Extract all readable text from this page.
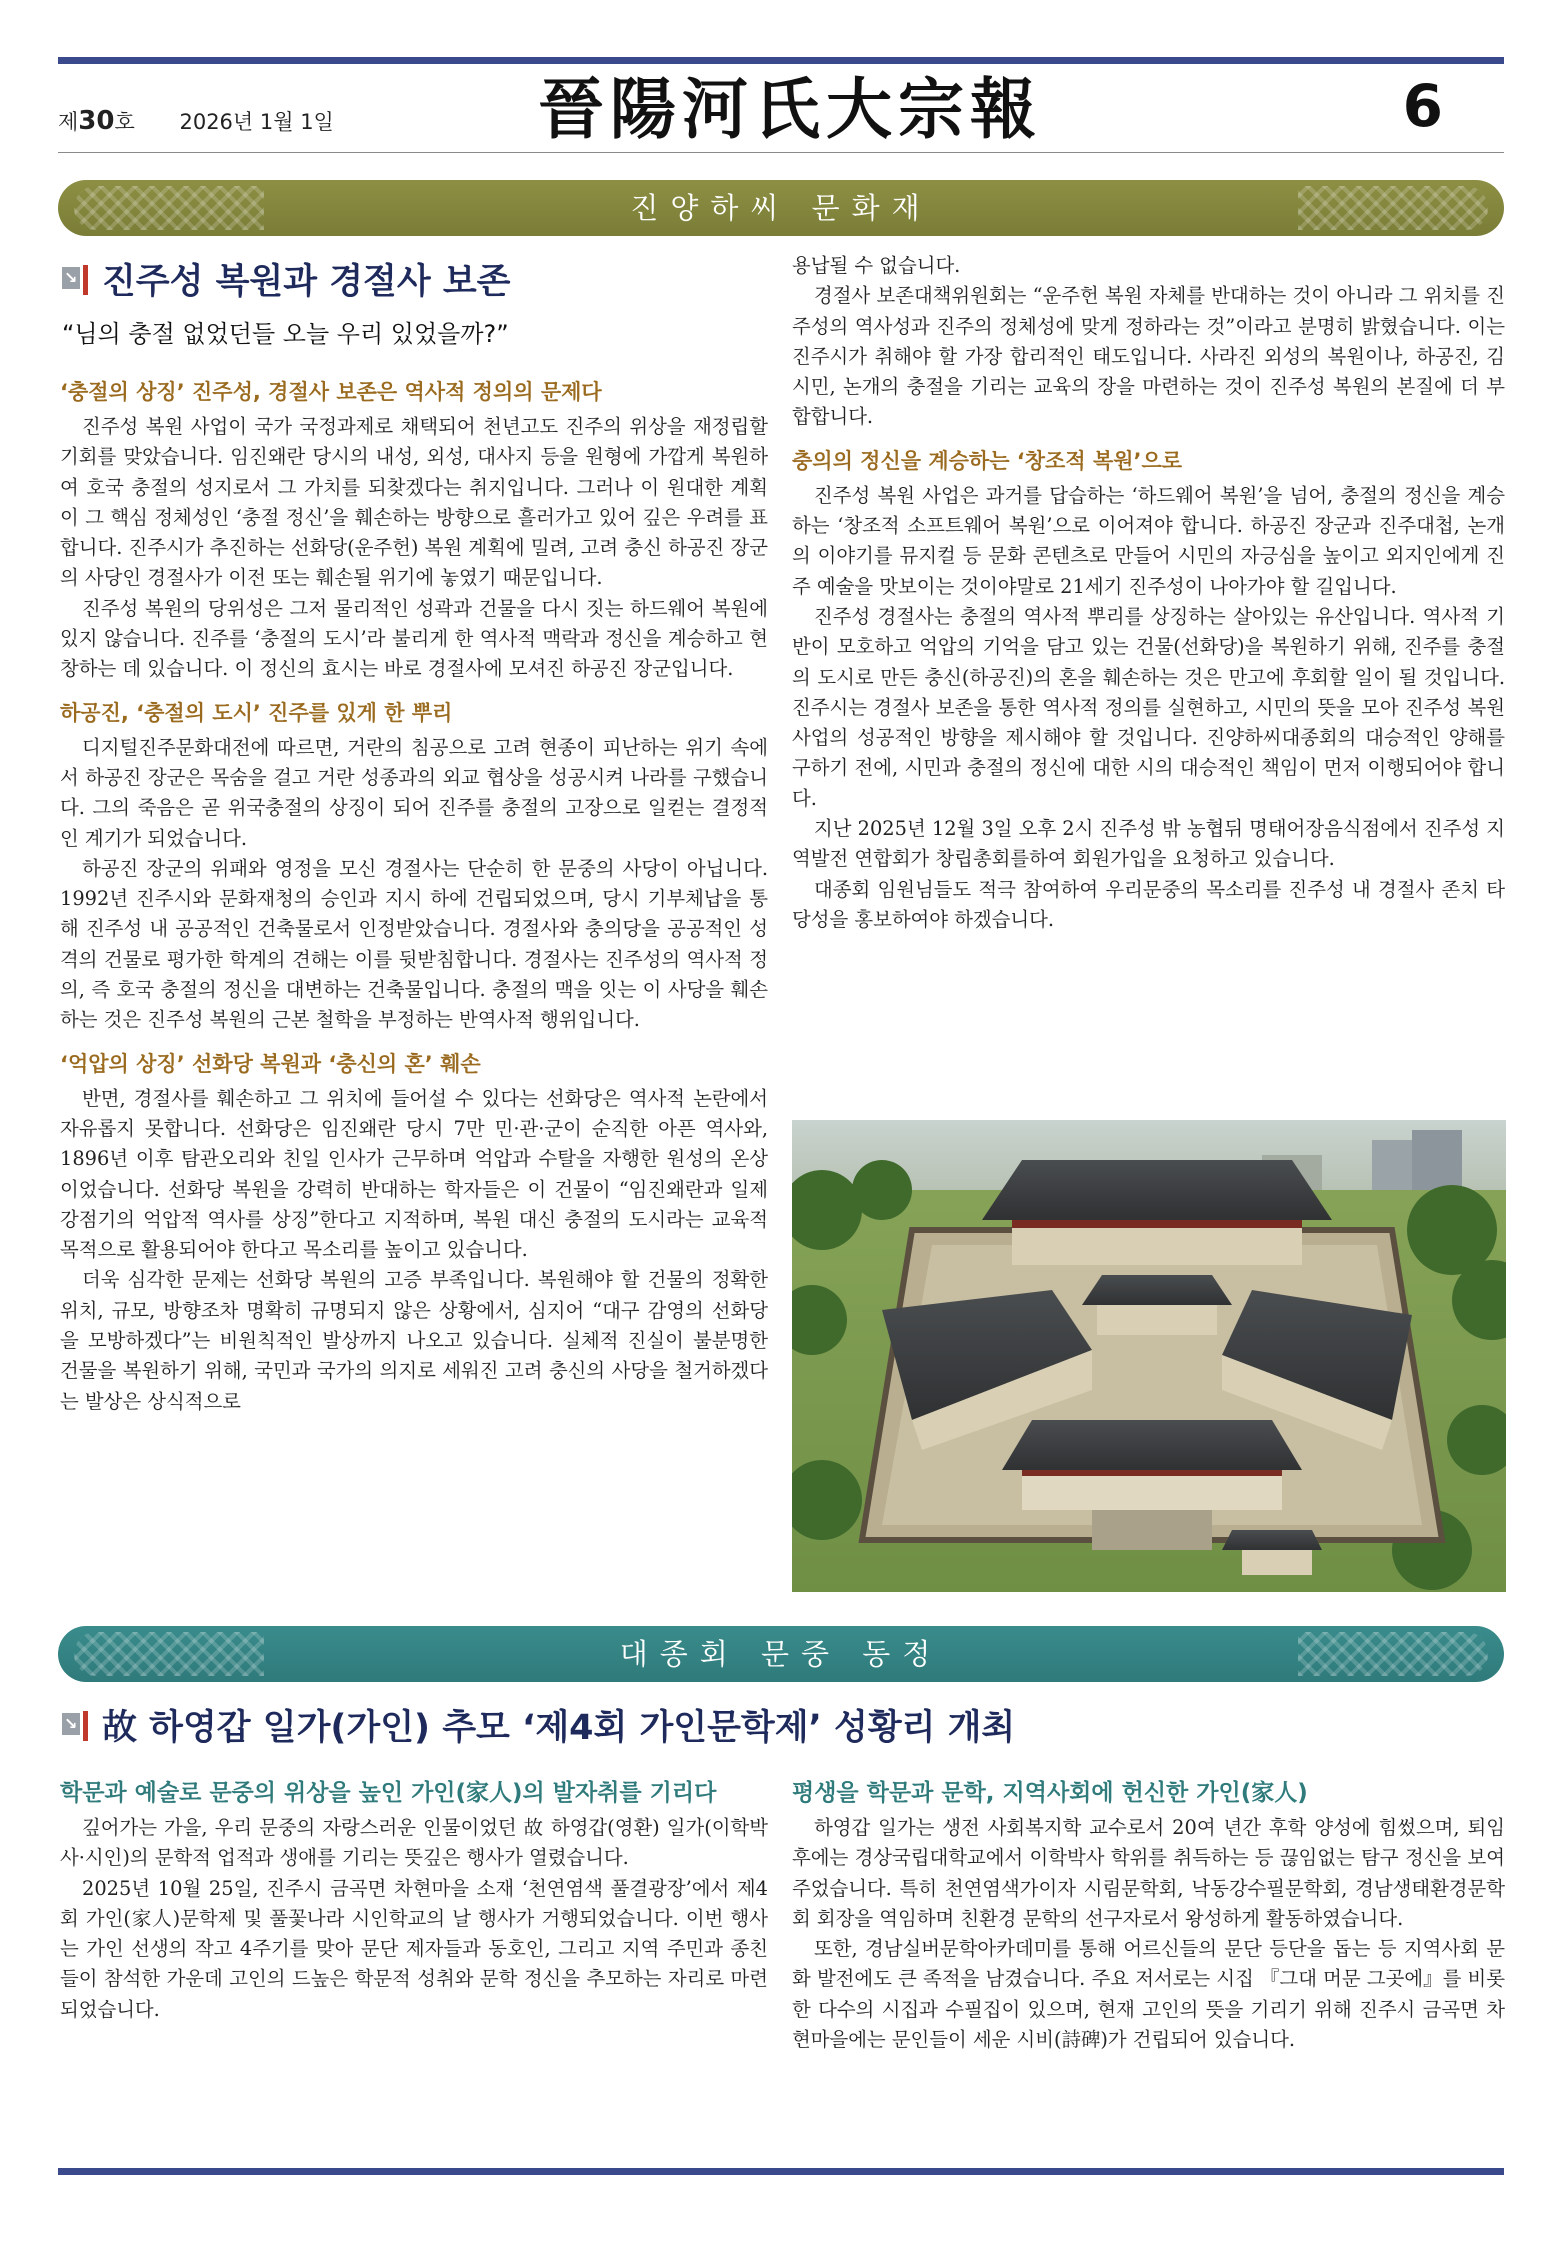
제30호 2026년 1월 1일	晉陽河氏大宗報	6
진양하씨 문화재
↘ 진주성 복원과 경절사 보존
“님의 충절 없었던들 오늘 우리 있었을까?”
‘충절의 상징’ 진주성, 경절사 보존은 역사적 정의의 문제다

진주성 복원 사업이 국가 국정과제로 채택되어 천년고도 진주의 위상을 재정립할 기회를 맞았습니다. 임진왜란 당시의 내성, 외성, 대사지 등을 원형에 가깝게 복원하여 호국 충절의 성지로서 그 가치를 되찾겠다는 취지입니다. 그러나 이 원대한 계획이 그 핵심 정체성인 ‘충절 정신’을 훼손하는 방향으로 흘러가고 있어 깊은 우려를 표합니다. 진주시가 추진하는 선화당(운주헌) 복원 계획에 밀려, 고려 충신 하공진 장군의 사당인 경절사가 이전 또는 훼손될 위기에 놓였기 때문입니다.

진주성 복원의 당위성은 그저 물리적인 성곽과 건물을 다시 짓는 하드웨어 복원에 있지 않습니다. 진주를 ‘충절의 도시’라 불리게 한 역사적 맥락과 정신을 계승하고 현창하는 데 있습니다. 이 정신의 효시는 바로 경절사에 모셔진 하공진 장군입니다.

하공진, ‘충절의 도시’ 진주를 있게 한 뿌리

디지털진주문화대전에 따르면, 거란의 침공으로 고려 현종이 피난하는 위기 속에서 하공진 장군은 목숨을 걸고 거란 성종과의 외교 협상을 성공시켜 나라를 구했습니다. 그의 죽음은 곧 위국충절의 상징이 되어 진주를 충절의 고장으로 일컫는 결정적인 계기가 되었습니다.

하공진 장군의 위패와 영정을 모신 경절사는 단순히 한 문중의 사당이 아닙니다. 1992년 진주시와 문화재청의 승인과 지시 하에 건립되었으며, 당시 기부체납을 통해 진주성 내 공공적인 건축물로서 인정받았습니다. 경절사와 충의당을 공공적인 성격의 건물로 평가한 학계의 견해는 이를 뒷받침합니다. 경절사는 진주성의 역사적 정의, 즉 호국 충절의 정신을 대변하는 건축물입니다. 충절의 맥을 잇는 이 사당을 훼손하는 것은 진주성 복원의 근본 철학을 부정하는 반역사적 행위입니다.

‘억압의 상징’ 선화당 복원과 ‘충신의 혼’ 훼손

반면, 경절사를 훼손하고 그 위치에 들어설 수 있다는 선화당은 역사적 논란에서 자유롭지 못합니다. 선화당은 임진왜란 당시 7만 민·관·군이 순직한 아픈 역사와, 1896년 이후 탐관오리와 친일 인사가 근무하며 억압과 수탈을 자행한 원성의 온상이었습니다. 선화당 복원을 강력히 반대하는 학자들은 이 건물이 “임진왜란과 일제강점기의 억압적 역사를 상징”한다고 지적하며, 복원 대신 충절의 도시라는 교육적 목적으로 활용되어야 한다고 목소리를 높이고 있습니다.

더욱 심각한 문제는 선화당 복원의 고증 부족입니다. 복원해야 할 건물의 정확한 위치, 규모, 방향조차 명확히 규명되지 않은 상황에서, 심지어 “대구 감영의 선화당을 모방하겠다”는 비원칙적인 발상까지 나오고 있습니다. 실체적 진실이 불분명한 건물을 복원하기 위해, 국민과 국가의 의지로 세워진 고려 충신의 사당을 철거하겠다는 발상은 상식적으로

용납될 수 없습니다.

경절사 보존대책위원회는 “운주헌 복원 자체를 반대하는 것이 아니라 그 위치를 진주성의 역사성과 진주의 정체성에 맞게 정하라는 것”이라고 분명히 밝혔습니다. 이는 진주시가 취해야 할 가장 합리적인 태도입니다. 사라진 외성의 복원이나, 하공진, 김시민, 논개의 충절을 기리는 교육의 장을 마련하는 것이 진주성 복원의 본질에 더 부합합니다.

충의의 정신을 계승하는 ‘창조적 복원’으로

진주성 복원 사업은 과거를 답습하는 ‘하드웨어 복원’을 넘어, 충절의 정신을 계승하는 ‘창조적 소프트웨어 복원’으로 이어져야 합니다. 하공진 장군과 진주대첩, 논개의 이야기를 뮤지컬 등 문화 콘텐츠로 만들어 시민의 자긍심을 높이고 외지인에게 진주 예술을 맛보이는 것이야말로 21세기 진주성이 나아가야 할 길입니다.

진주성 경절사는 충절의 역사적 뿌리를 상징하는 살아있는 유산입니다. 역사적 기반이 모호하고 억압의 기억을 담고 있는 건물(선화당)을 복원하기 위해, 진주를 충절의 도시로 만든 충신(하공진)의 혼을 훼손하는 것은 만고에 후회할 일이 될 것입니다. 진주시는 경절사 보존을 통한 역사적 정의를 실현하고, 시민의 뜻을 모아 진주성 복원 사업의 성공적인 방향을 제시해야 할 것입니다. 진양하씨대종회의 대승적인 양해를 구하기 전에, 시민과 충절의 정신에 대한 시의 대승적인 책임이 먼저 이행되어야 합니다.

지난 2025년 12월 3일 오후 2시 진주성 밖 농협뒤 명태어장음식점에서 진주성 지역발전 연합회가 창립총회를하여 회원가입을 요청하고 있습니다.

대종회 임원님들도 적극 참여하여 우리문중의 목소리를 진주성 내 경절사 존치 타당성을 홍보하여야 하겠습니다.

대종회 문중 동정
↘ 故 하영갑 일가(가인) 추모 ‘제4회 가인문학제’ 성황리 개최
학문과 예술로 문중의 위상을 높인 가인(家人)의 발자취를 기리다

깊어가는 가을, 우리 문중의 자랑스러운 인물이었던 故 하영갑(영환) 일가(이학박사·시인)의 문학적 업적과 생애를 기리는 뜻깊은 행사가 열렸습니다.

2025년 10월 25일, 진주시 금곡면 차현마을 소재 ‘천연염색 풀결광장’에서 제4회 가인(家人)문학제 및 풀꽃나라 시인학교의 날 행사가 거행되었습니다. 이번 행사는 가인 선생의 작고 4주기를 맞아 문단 제자들과 동호인, 그리고 지역 주민과 종친들이 참석한 가운데 고인의 드높은 학문적 성취와 문학 정신을 추모하는 자리로 마련되었습니다.

평생을 학문과 문학, 지역사회에 헌신한 가인(家人)

하영갑 일가는 생전 사회복지학 교수로서 20여 년간 후학 양성에 힘썼으며, 퇴임 후에는 경상국립대학교에서 이학박사 학위를 취득하는 등 끊임없는 탐구 정신을 보여주었습니다. 특히 천연염색가이자 시림문학회, 낙동강수필문학회, 경남생태환경문학회 회장을 역임하며 친환경 문학의 선구자로서 왕성하게 활동하였습니다.

또한, 경남실버문학아카데미를 통해 어르신들의 문단 등단을 돕는 등 지역사회 문화 발전에도 큰 족적을 남겼습니다. 주요 저서로는 시집 『그대 머문 그곳에』를 비롯한 다수의 시집과 수필집이 있으며, 현재 고인의 뜻을 기리기 위해 진주시 금곡면 차현마을에는 문인들이 세운 시비(詩碑)가 건립되어 있습니다.
